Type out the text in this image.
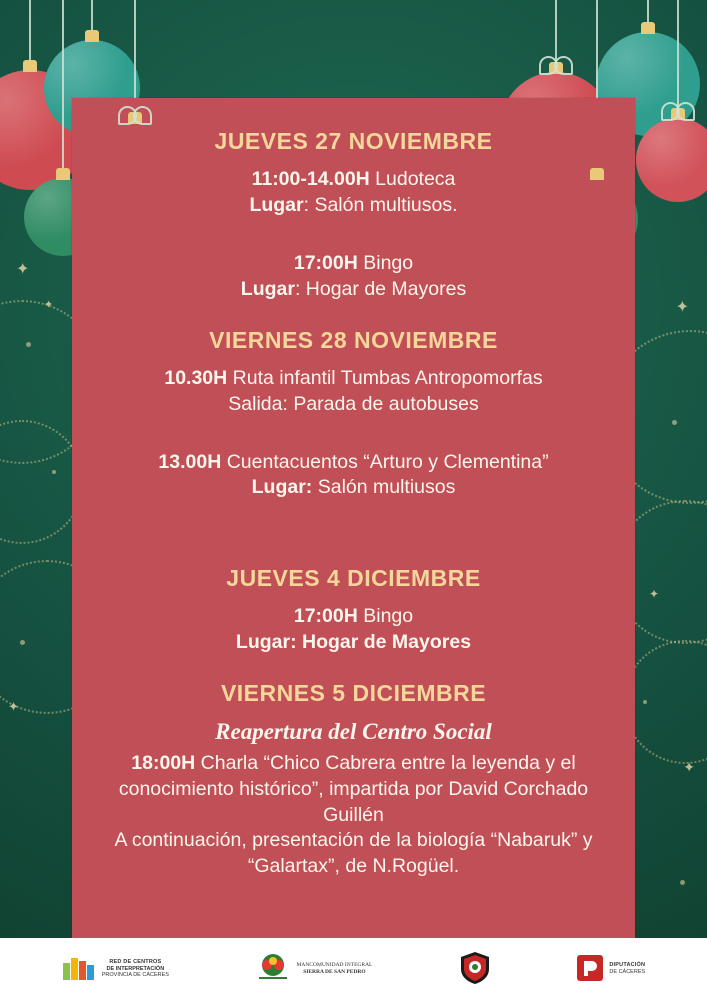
✦
✦
✦
✦
✦
✦
JUEVES 27 NOVIEMBRE

11:00-14.00H Ludoteca
Lugar: Salón multiusos.

17:00H Bingo
Lugar: Hogar de Mayores

VIERNES 28 NOVIEMBRE

10.30H Ruta infantil Tumbas Antropomorfas
Salida: Parada de autobuses

13.00H Cuentacuentos “Arturo y Clementina”
Lugar: Salón multiusos

JUEVES 4 DICIEMBRE

17:00H Bingo
Lugar: Hogar de Mayores

VIERNES 5 DICIEMBRE
Reapertura del Centro Social

18:00H Charla “Chico Cabrera entre la leyenda y el conocimiento histórico”, impartida por David Corchado Guillén

A continuación, presentación de la biología “Nabaruk” y “Galartax”, de N.Rogüel.

RED DE CENTROS
DE INTERPRETACIÓN
PROVINCIA DE CÁCERES
MANCOMUNIDAD INTEGRAL
SIERRA DE SAN PEDRO
DIPUTACIÓN
DE CÁCERES
